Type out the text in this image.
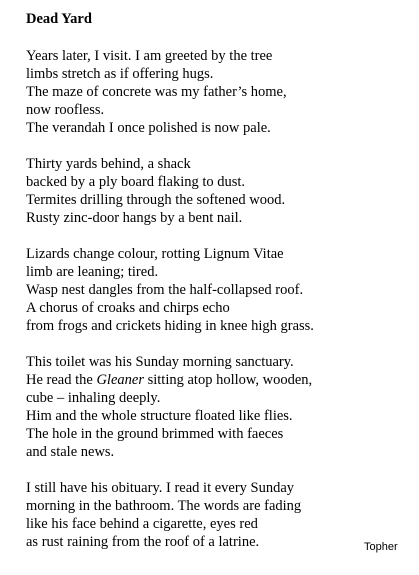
Dead Yard
Years later, I visit. I am greeted by the tree
limbs stretch as if offering hugs.
The maze of concrete was my father’s home,
now roofless.
The verandah I once polished is now pale.
Thirty yards behind, a shack
backed by a ply board flaking to dust.
Termites drilling through the softened wood.
Rusty zinc-door hangs by a bent nail.
Lizards change colour, rotting Lignum Vitae
limb are leaning; tired.
Wasp nest dangles from the half-collapsed roof.
A chorus of croaks and chirps echo
from frogs and crickets hiding in knee high grass.
This toilet was his Sunday morning sanctuary.
He read the Gleaner sitting atop hollow, wooden,
cube – inhaling deeply.
Him and the whole structure floated like flies.
The hole in the ground brimmed with faeces
and stale news.
I still have his obituary. I read it every Sunday
morning in the bathroom. The words are fading
like his face behind a cigarette, eyes red
as rust raining from the roof of a latrine.	Topher
